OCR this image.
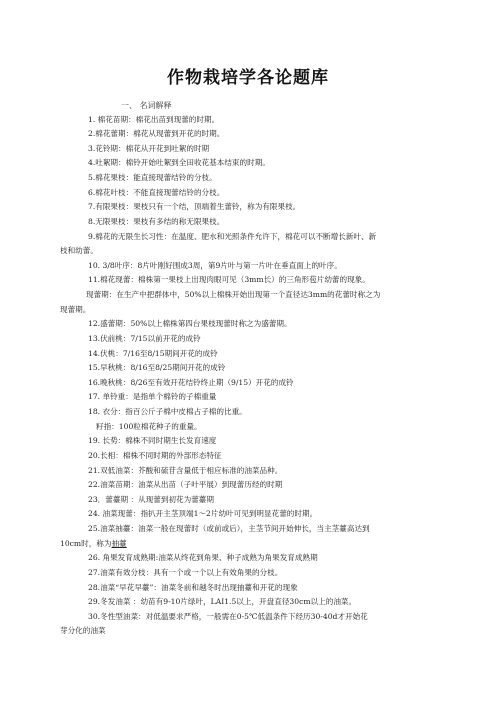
作物栽培学各论题库
一、 名词解释
1. 棉花苗期：棉花出苗到现蕾的时期。
2.棉花蕾期：棉花从现蕾到开花的时期。
3.花铃期：棉花从开花到吐絮的时期
4.吐絮期：棉铃开始吐絮到全田收花基本结束的时期。
5.棉花果枝：能直接现蕾结铃的分枝。
6.棉花叶枝：不能直接现蕾结铃的分枝。
7.有限果枝：果枝只有一个结，顶端着生蕾铃，称为有限果枝。
8.无限果枝：果枝有多结的称无限果枝。
9.棉花的无限生长习性：在温度、肥水和光照条件允许下，棉花可以不断增长新叶、新
枝和幼蕾。
10. 3/8叶序：8片叶刚好围成3周，第9片叶与第一片叶在垂直面上的叶序。
11.棉花现蕾：棉株第一果枝上出现肉眼可见（3mm长）的三角形苞片幼蕾的现象。
现蕾期：在生产中把群体中，50%以上棉株开始出现第一个直径达3mm的花蕾时称之为
现蕾期。
12.盛蕾期：50%以上棉株第四台果枝现蕾时称之为盛蕾期。
13.伏前桃：7/15以前开花的成铃
14.伏桃：7/16至8/15期间开花的成铃
15.早秋桃：8/16至8/25期间开花的成铃
16.晚秋桃：8/26至有效开花结铃终止期（9/15）开花的成铃
17. 单铃重：是指单个棉铃的子棉重量
18. 衣分：指百公斤子棉中皮棉占子棉的比重。
籽指：100粒棉花种子的重量。
19. 长势：棉株不同时期生长发育速度
20.长相：棉株不同时期的外部形态特征
21.双低油菜：芥酸和硫苷含量低于相应标准的油菜品种。
22.油菜苗期：油菜从出苗（子叶平展）到现蕾历经的时期
23．蕾薹期 ：从现蕾到初花为蕾薹期
24. 油菜现蕾：指扒开主茎顶端1～2片幼叶可见到明显花蕾的时期。
25.油菜抽薹：油菜一般在现蕾时（或前或后），主茎节间开始伸长，当主茎薹高达到
10cm时，称为抽薹
26. 角果发育成熟期:油菜从终花到角果、种子成熟为角果发育成熟期
27.油菜有效分枝：具有一个或一个以上有效角果的分枝。
28.油菜“早花早薹”：油菜冬前和越冬时出现抽薹和开花的现象
29.冬发油菜 ：幼苗有9-10片绿叶，LAI1.5以上，开盘直径30cm以上的油菜。
30.冬性型油菜：对低温要求严格，一般需在0-5℃低温条件下经历30-40d才开始花
芽分化的油菜
